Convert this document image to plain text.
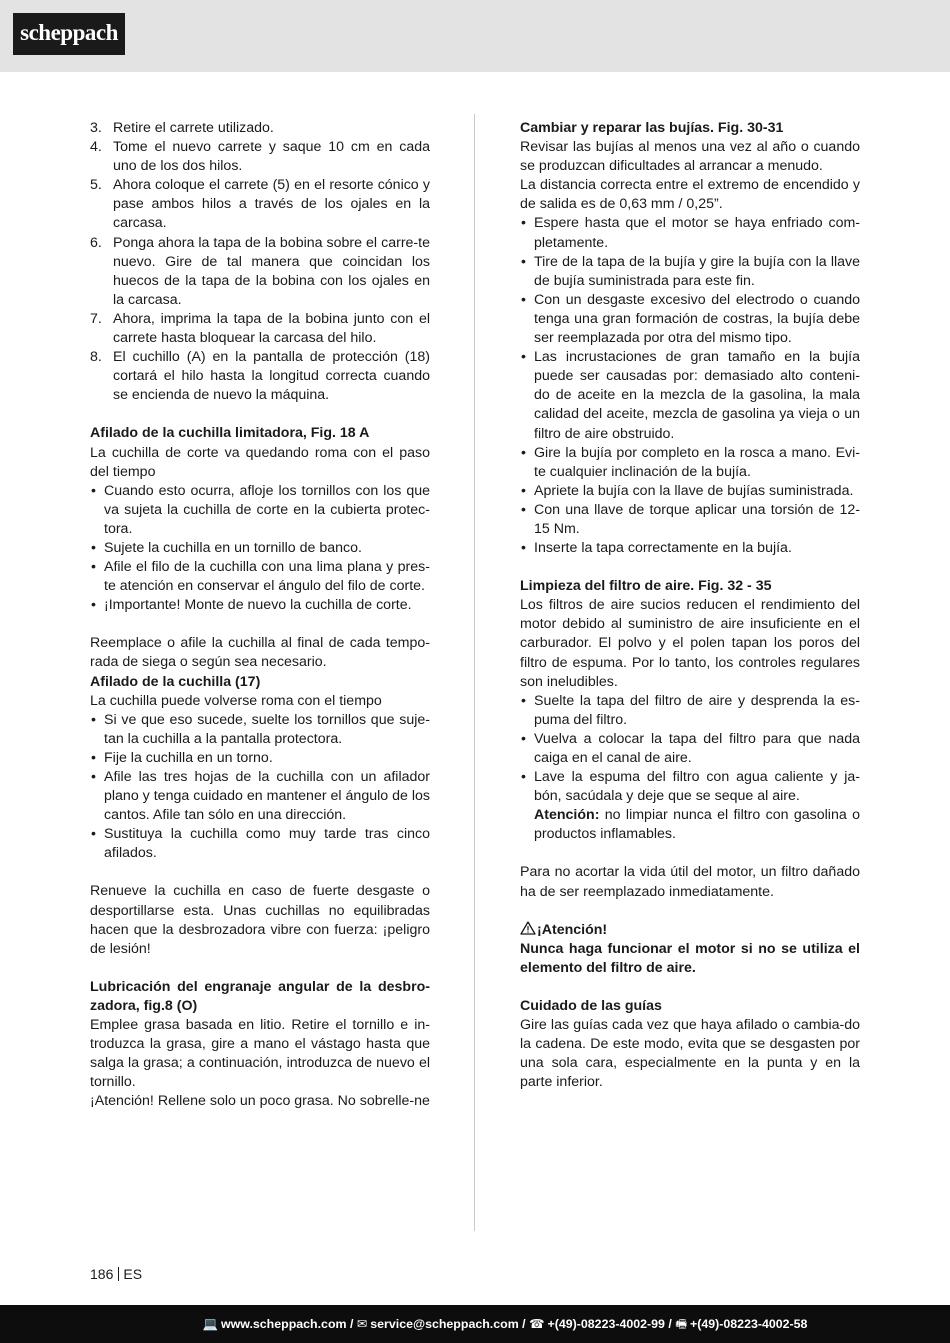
scheppach
3. Retire el carrete utilizado.
4. Tome el nuevo carrete y saque 10 cm en cada uno de los dos hilos.
5. Ahora coloque el carrete (5) en el resorte cónico y pase ambos hilos a través de los ojales en la carcasa.
6. Ponga ahora la tapa de la bobina sobre el carre-te nuevo. Gire de tal manera que coincidan los huecos de la tapa de la bobina con los ojales en la carcasa.
7. Ahora, imprima la tapa de la bobina junto con el carrete hasta bloquear la carcasa del hilo.
8. El cuchillo (A) en la pantalla de protección (18) cortará el hilo hasta la longitud correcta cuando se encienda de nuevo la máquina.

Afilado de la cuchilla limitadora, Fig. 18 A

La cuchilla de corte va quedando roma con el paso del tiempo

• Cuando esto ocurra, afloje los tornillos con los que va sujeta la cuchilla de corte en la cubierta protec-tora.
• Sujete la cuchilla en un tornillo de banco.
• Afile el filo de la cuchilla con una lima plana y pres-te atención en conservar el ángulo del filo de corte.
• ¡Importante! Monte de nuevo la cuchilla de corte.

Reemplace o afile la cuchilla al final de cada tempo-rada de siega o según sea necesario.

Afilado de la cuchilla (17)

La cuchilla puede volverse roma con el tiempo

• Si ve que eso sucede, suelte los tornillos que suje-tan la cuchilla a la pantalla protectora.
• Fije la cuchilla en un torno.
• Afile las tres hojas de la cuchilla con un afilador plano y tenga cuidado en mantener el ángulo de los cantos. Afile tan sólo en una dirección.
• Sustituya la cuchilla como muy tarde tras cinco afilados.

Renueve la cuchilla en caso de fuerte desgaste o desportillarse esta. Unas cuchillas no equilibradas hacen que la desbrozadora vibre con fuerza: ¡peligro de lesión!

Lubricación del engranaje angular de la desbro-zadora, fig.8 (O)

Emplee grasa basada en litio. Retire el tornillo e in-troduzca la grasa, gire a mano el vástago hasta que salga la grasa; a continuación, introduzca de nuevo el tornillo.

¡Atención! Rellene solo un poco grasa. No sobrelle-ne

Cambiar y reparar las bujías. Fig. 30-31

Revisar las bujías al menos una vez al año o cuando se produzcan dificultades al arrancar a menudo.

La distancia correcta entre el extremo de encendido y de salida es de 0,63 mm / 0,25”.

• Espere hasta que el motor se haya enfriado com-pletamente.
• Tire de la tapa de la bujía y gire la bujía con la llave de bujía suministrada para este fin.
• Con un desgaste excesivo del electrodo o cuando tenga una gran formación de costras, la bujía debe ser reemplazada por otra del mismo tipo.
• Las incrustaciones de gran tamaño en la bujía puede ser causadas por: demasiado alto conteni-do de aceite en la mezcla de la gasolina, la mala calidad del aceite, mezcla de gasolina ya vieja o un filtro de aire obstruido.
• Gire la bujía por completo en la rosca a mano. Evi-te cualquier inclinación de la bujía.
• Apriete la bujía con la llave de bujías suministrada.
• Con una llave de torque aplicar una torsión de 12-15 Nm.
• Inserte la tapa correctamente en la bujía.

Limpieza del filtro de aire. Fig. 32 - 35

Los filtros de aire sucios reducen el rendimiento del motor debido al suministro de aire insuficiente en el carburador. El polvo y el polen tapan los poros del filtro de espuma. Por lo tanto, los controles regulares son ineludibles.

• Suelte la tapa del filtro de aire y desprenda la es-puma del filtro.
• Vuelva a colocar la tapa del filtro para que nada caiga en el canal de aire.
• Lave la espuma del filtro con agua caliente y ja-bón, sacúdala y deje que se seque al aire.

Atención: no limpiar nunca el filtro con gasolina o productos inflamables.

Para no acortar la vida útil del motor, un filtro dañado ha de ser reemplazado inmediatamente.

¡Atención!

Nunca haga funcionar el motor si no se utiliza el elemento del filtro de aire.

Cuidado de las guías

Gire las guías cada vez que haya afilado o cambia-do la cadena. De este modo, evita que se desgasten por una sola cara, especialmente en la punta y en la parte inferior.

186 ES
💻 www.scheppach.com / ✉ service@scheppach.com / ☎ +(49)-08223-4002-99 / 🖷 +(49)-08223-4002-58
